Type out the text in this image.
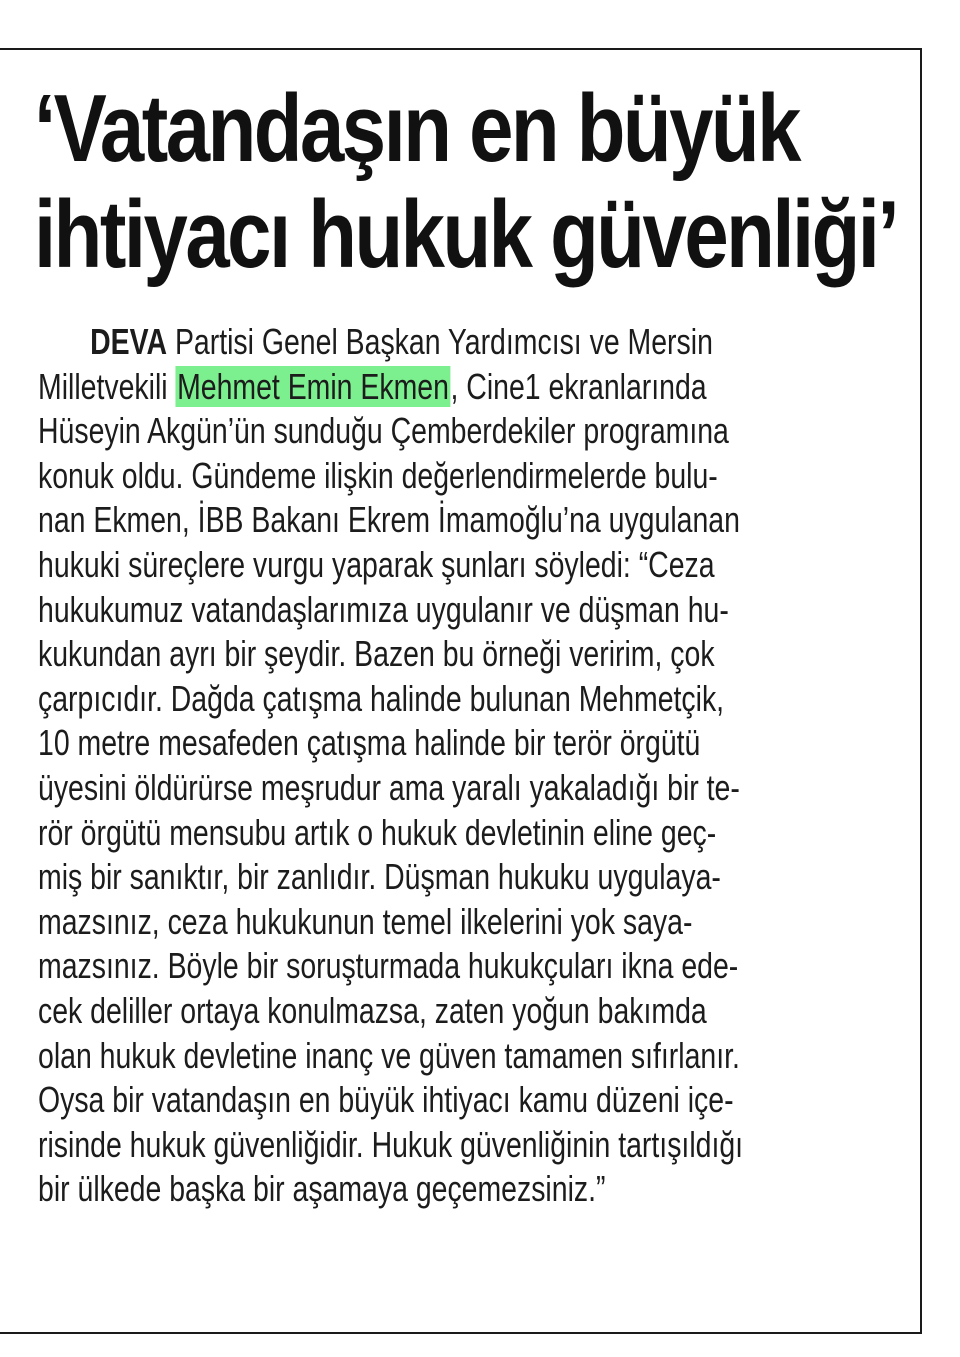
‘Vatandaşın en büyük
ihtiyacı hukuk güvenliği’
DEVA Partisi Genel Başkan Yardımcısı ve Mersin
Milletvekili Mehmet Emin Ekmen, Cine1 ekranlarında
Hüseyin Akgün’ün sunduğu Çemberdekiler programına
konuk oldu. Gündeme ilişkin değerlendirmelerde bulu-
nan Ekmen, İBB Bakanı Ekrem İmamoğlu’na uygulanan
hukuki süreçlere vurgu yaparak şunları söyledi: “Ceza
hukukumuz vatandaşlarımıza uygulanır ve düşman hu-
kukundan ayrı bir şeydir. Bazen bu örneği veririm, çok
çarpıcıdır. Dağda çatışma halinde bulunan Mehmetçik,
10 metre mesafeden çatışma halinde bir terör örgütü
üyesini öldürürse meşrudur ama yaralı yakaladığı bir te-
rör örgütü mensubu artık o hukuk devletinin eline geç-
miş bir sanıktır, bir zanlıdır. Düşman hukuku uygulaya-
mazsınız, ceza hukukunun temel ilkelerini yok saya-
mazsınız. Böyle bir soruşturmada hukukçuları ikna ede-
cek deliller ortaya konulmazsa, zaten yoğun bakımda
olan hukuk devletine inanç ve güven tamamen sıfırlanır.
Oysa bir vatandaşın en büyük ihtiyacı kamu düzeni içe-
risinde hukuk güvenliğidir. Hukuk güvenliğinin tartışıldığı
bir ülkede başka bir aşamaya geçemezsiniz.”
